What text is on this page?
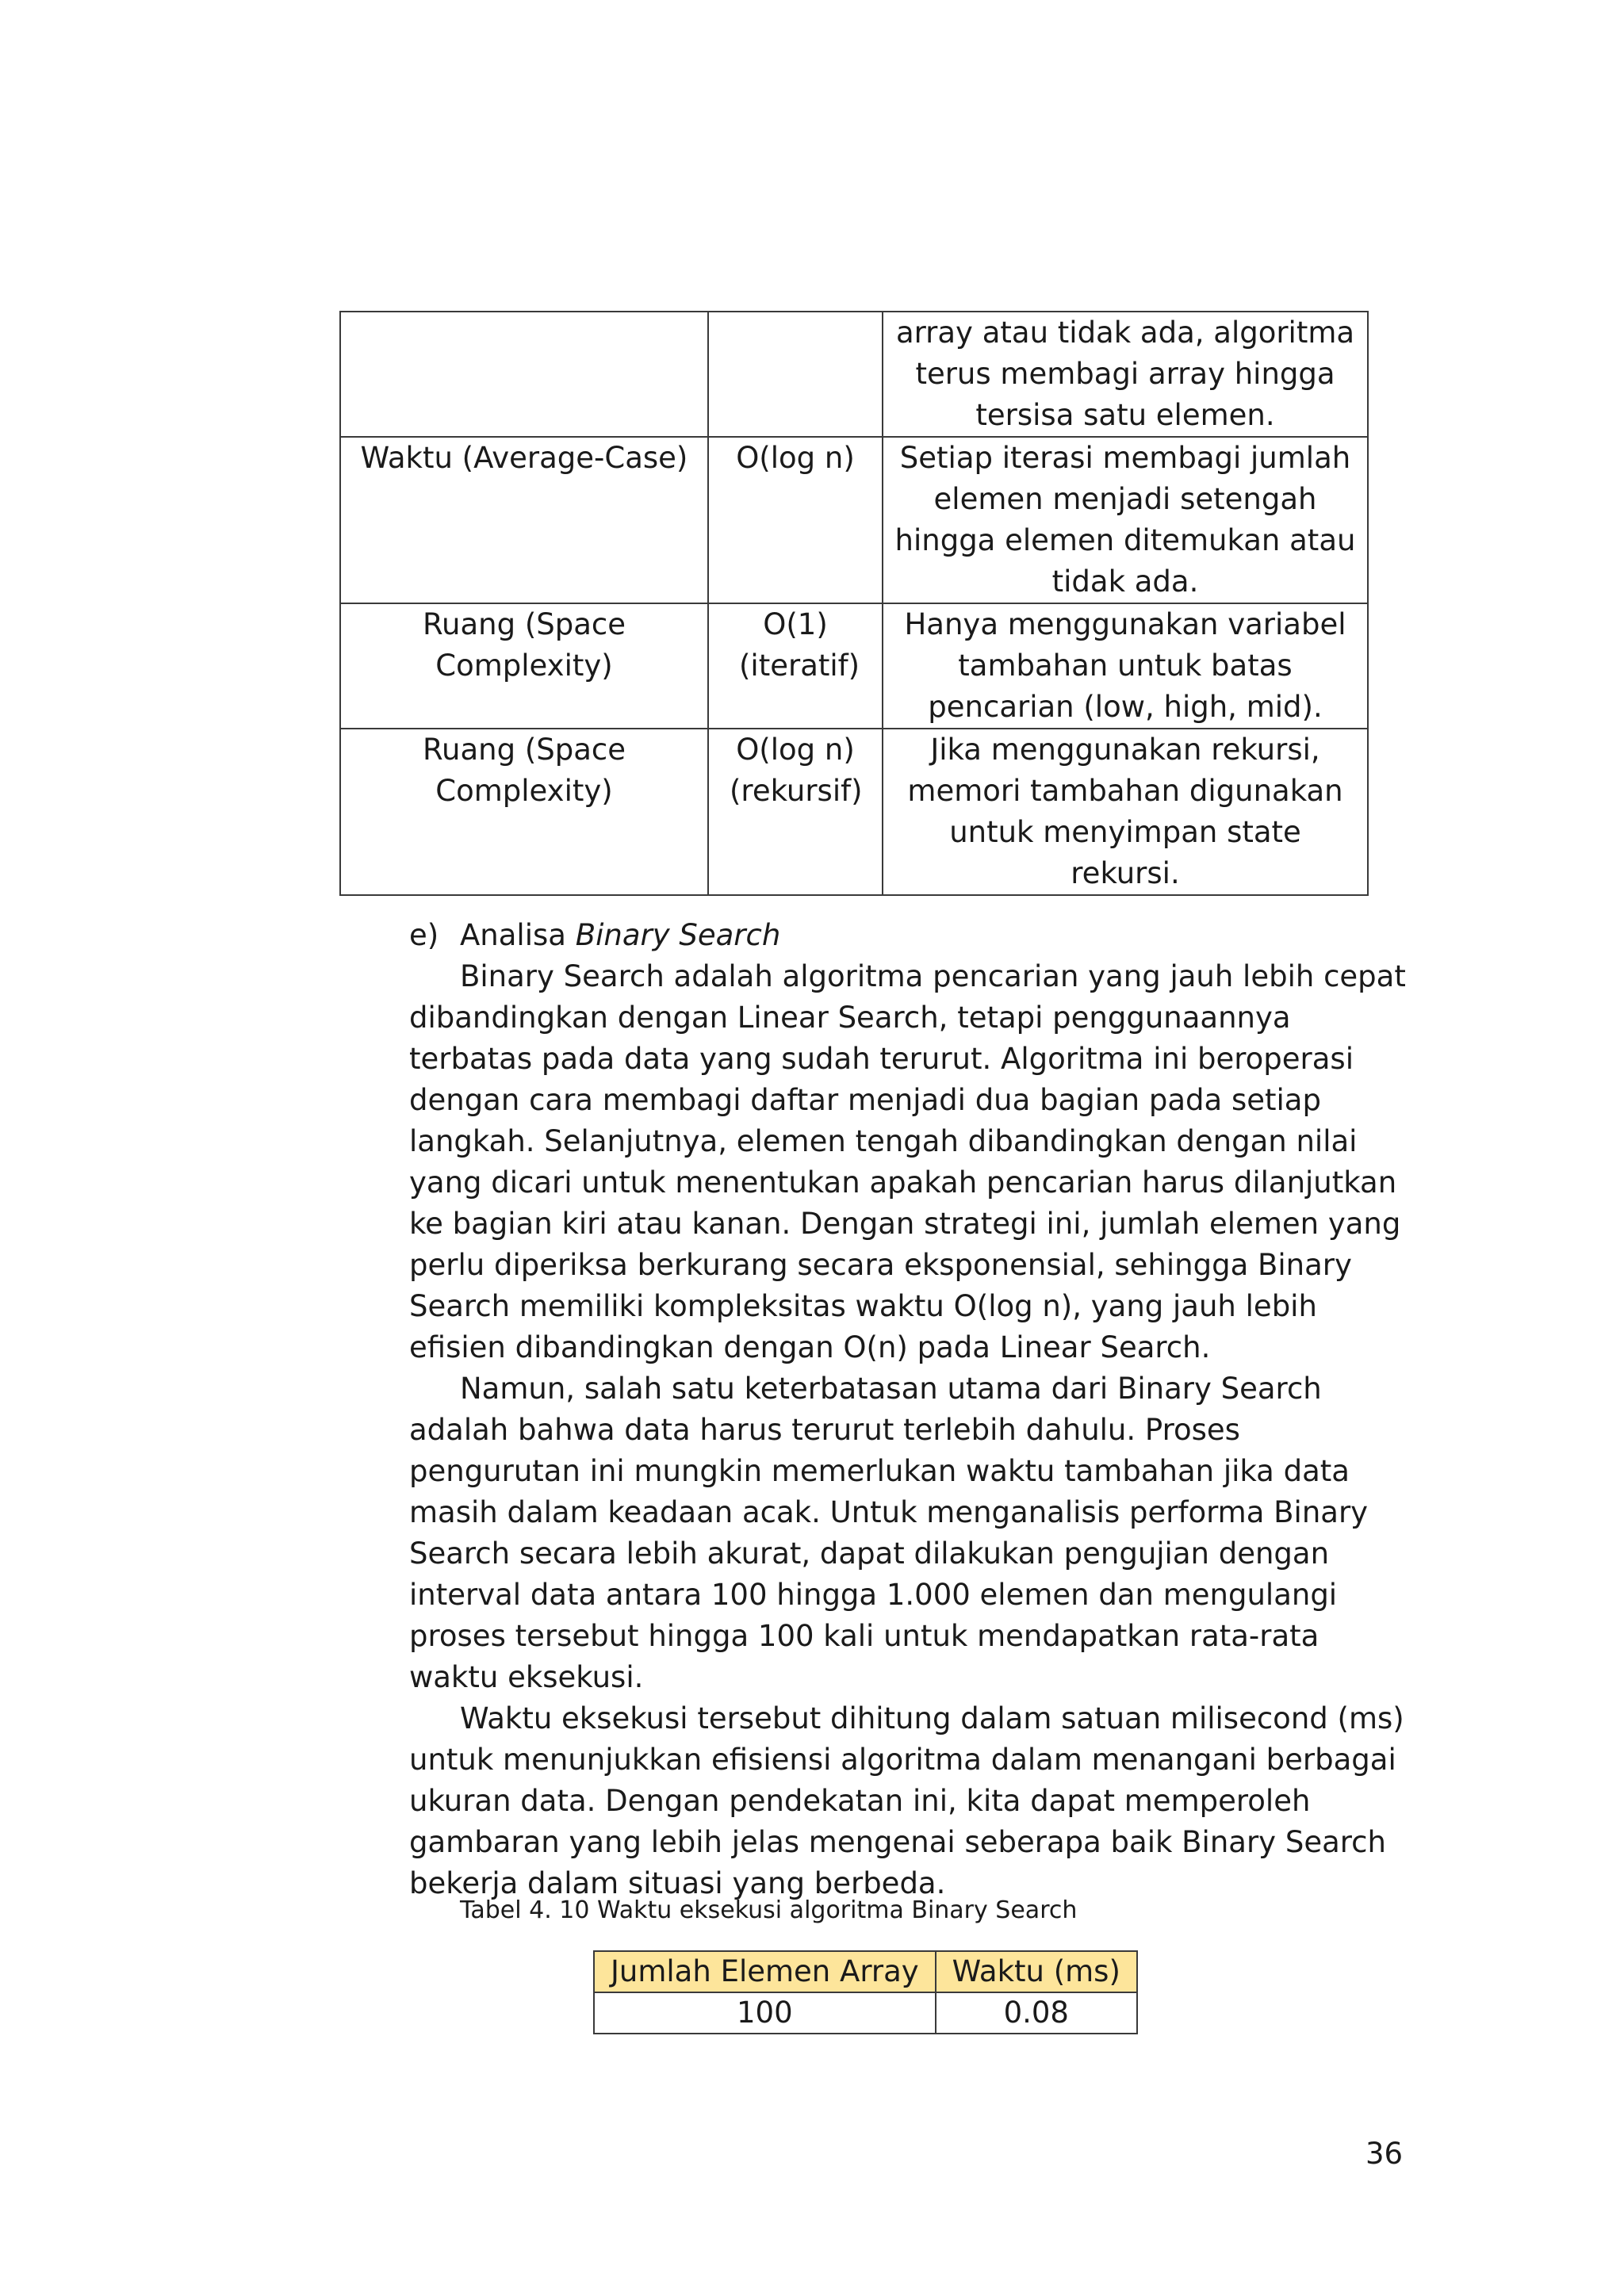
		array atau tidak ada, algoritma terus membagi array hingga tersisa satu elemen.
Waktu (Average-Case)	O(log n)	Setiap iterasi membagi jumlah elemen menjadi setengah hingga elemen ditemukan atau tidak ada.
Ruang (Space Complexity)	O(1) (iteratif)	Hanya menggunakan variabel tambahan untuk batas pencarian (low, high, mid).
Ruang (Space Complexity)	O(log n) (rekursif)	Jika menggunakan rekursi, memori tambahan digunakan untuk menyimpan state rekursi.

e) Analisa Binary Search

Binary Search adalah algoritma pencarian yang jauh lebih cepat dibandingkan dengan Linear Search, tetapi penggunaannya terbatas pada data yang sudah terurut. Algoritma ini beroperasi dengan cara membagi daftar menjadi dua bagian pada setiap langkah. Selanjutnya, elemen tengah dibandingkan dengan nilai yang dicari untuk menentukan apakah pencarian harus dilanjutkan ke bagian kiri atau kanan. Dengan strategi ini, jumlah elemen yang perlu diperiksa berkurang secara eksponensial, sehingga Binary Search memiliki kompleksitas waktu O(log n), yang jauh lebih efisien dibandingkan dengan O(n) pada Linear Search.

Namun, salah satu keterbatasan utama dari Binary Search adalah bahwa data harus terurut terlebih dahulu. Proses pengurutan ini mungkin memerlukan waktu tambahan jika data masih dalam keadaan acak. Untuk menganalisis performa Binary Search secara lebih akurat, dapat dilakukan pengujian dengan interval data antara 100 hingga 1.000 elemen dan mengulangi proses tersebut hingga 100 kali untuk mendapatkan rata-rata waktu eksekusi.

Waktu eksekusi tersebut dihitung dalam satuan milisecond (ms) untuk menunjukkan efisiensi algoritma dalam menangani berbagai ukuran data. Dengan pendekatan ini, kita dapat memperoleh gambaran yang lebih jelas mengenai seberapa baik Binary Search bekerja dalam situasi yang berbeda.

Tabel 4. 10 Waktu eksekusi algoritma Binary Search

Jumlah Elemen Array	Waktu (ms)
100	0.08
36
